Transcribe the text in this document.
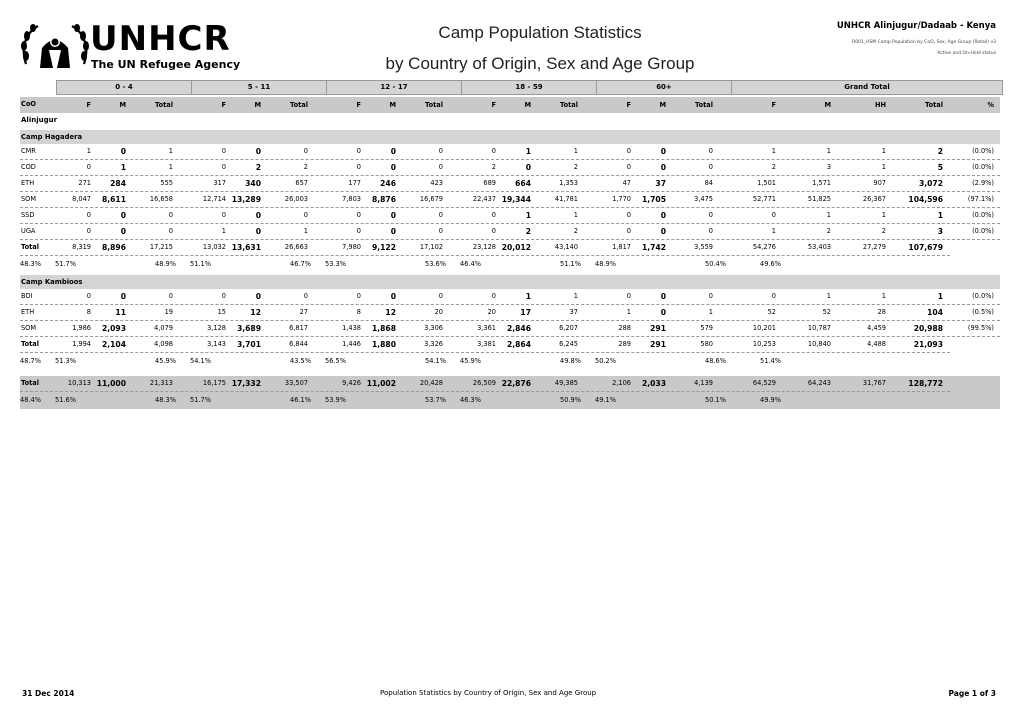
UNHCR
The UN Refugee Agency
Camp Population Statistics
by Country of Origin, Sex and Age Group
UNHCR Alinjugur/Dadaab - Kenya
R001_HSM Camp Population by CoO, Sex, Age Group (Retail) v3
Active and On-Hold status
0 - 4	5 - 11	12 - 17	18 - 59	60+	Grand Total
CoO	F	M	Total	F	M	Total	F	M	Total	F	M	Total	F	M	Total	F	M	HH	Total	%
Alinjugur
Camp Hagadera
CMR	1	0	1	0	0	0	0	0	0	0	1	1	0	0	0	1	1	1	2	(0.0%)
COD	0	1	1	0	2	2	0	0	0	2	0	2	0	0	0	2	3	1	5	(0.0%)
ETH	271	284	555	317	340	657	177	246	423	689	664	1,353	47	37	84	1,501	1,571	907	3,072	(2.9%)
SOM	8,047 8,611	16,658	12,714 13,289	26,003	7,803 8,876	16,679	22,437 19,344	41,781	1,770 1,705	3,475	52,771	51,825	26,367	104,596	(97.1%)
SSD	0	0	0	0	0	0	0	0	0	0	1	1	0	0	0	0	1	1	1	(0.0%)
UGA	0	0	0	1	0	1	0	0	0	0	2	2	0	0	0	1	2	2	3	(0.0%)
Total	8,319 8,896	17,215	13,032 13,631	26,663	7,980 9,122	17,102	23,128 20,012	43,140	1,817 1,742	3,559	54,276	53,403	27,279	107,679
48.3% 51.7%	48.9% 51.1%	46.7% 53.3%	53.6% 46.4%	51.1% 48.9%	50.4%	49.6%
Camp Kambioos
BDI	0	0	0	0	0	0	0	0	0	0	1	1	0	0	0	0	1	1	1	(0.0%)
ETH	8	11	19	15	12	27	8	12	20	20	17	37	1	0	1	52	52	28	104	(0.5%)
SOM	1,986 2,093	4,079	3,128 3,689	6,817	1,438 1,868	3,306	3,361 2,846	6,207	288	291	579	10,201	10,787	4,459	20,988	(99.5%)
Total	1,994 2,104	4,098	3,143 3,701	6,844	1,446 1,880	3,326	3,381 2,864	6,245	289	291	580	10,253	10,840	4,488	21,093
48.7% 51.3%	45.9% 54.1%	43.5% 56.5%	54.1% 45.9%	49.8% 50.2%	48.6%	51.4%
Total	10,313 11,000	21,313	16,175 17,332	33,507	9,426 11,002	20,428	26,509 22,876	49,385	2,106 2,033	4,139	64,529	64,243	31,767	128,772
48.4% 51.6%	48.3% 51.7%	46.1% 53.9%	53.7% 46.3%	50.9% 49.1%	50.1%	49.9%
31 Dec 2014	Population Statistics by Country of Origin, Sex and Age Group	Page 1 of 3
